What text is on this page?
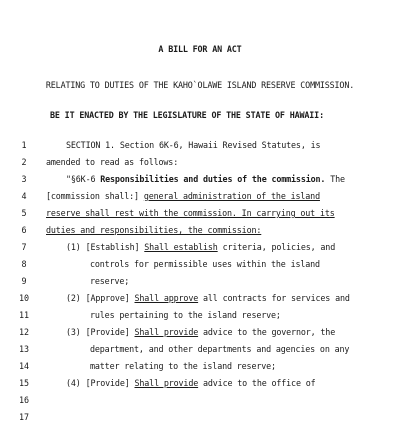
A BILL FOR AN ACT
RELATING TO DUTIES OF THE KAHO`OLAWE ISLAND RESERVE COMMISSION.
BE IT ENACTED BY THE LEGISLATURE OF THE STATE OF HAWAII:
1
2
3
4
5
6
7
8
9
10
11
12
13
14
15
16
17
SECTION 1. Section 6K-6, Hawaii Revised Statutes, is
amended to read as follows:
"§6K-6 Responsibilities and duties of the commission. The
[commission shall:] general administration of the island
reserve shall rest with the commission. In carrying out its
duties and responsibilities, the commission:
(1) [Establish] Shall establish criteria, policies, and
controls for permissible uses within the island
reserve;
(2) [Approve] Shall approve all contracts for services and
rules pertaining to the island reserve;
(3) [Provide] Shall provide advice to the governor, the
department, and other departments and agencies on any
matter relating to the island reserve;
(4) [Provide] Shall provide advice to the office of
